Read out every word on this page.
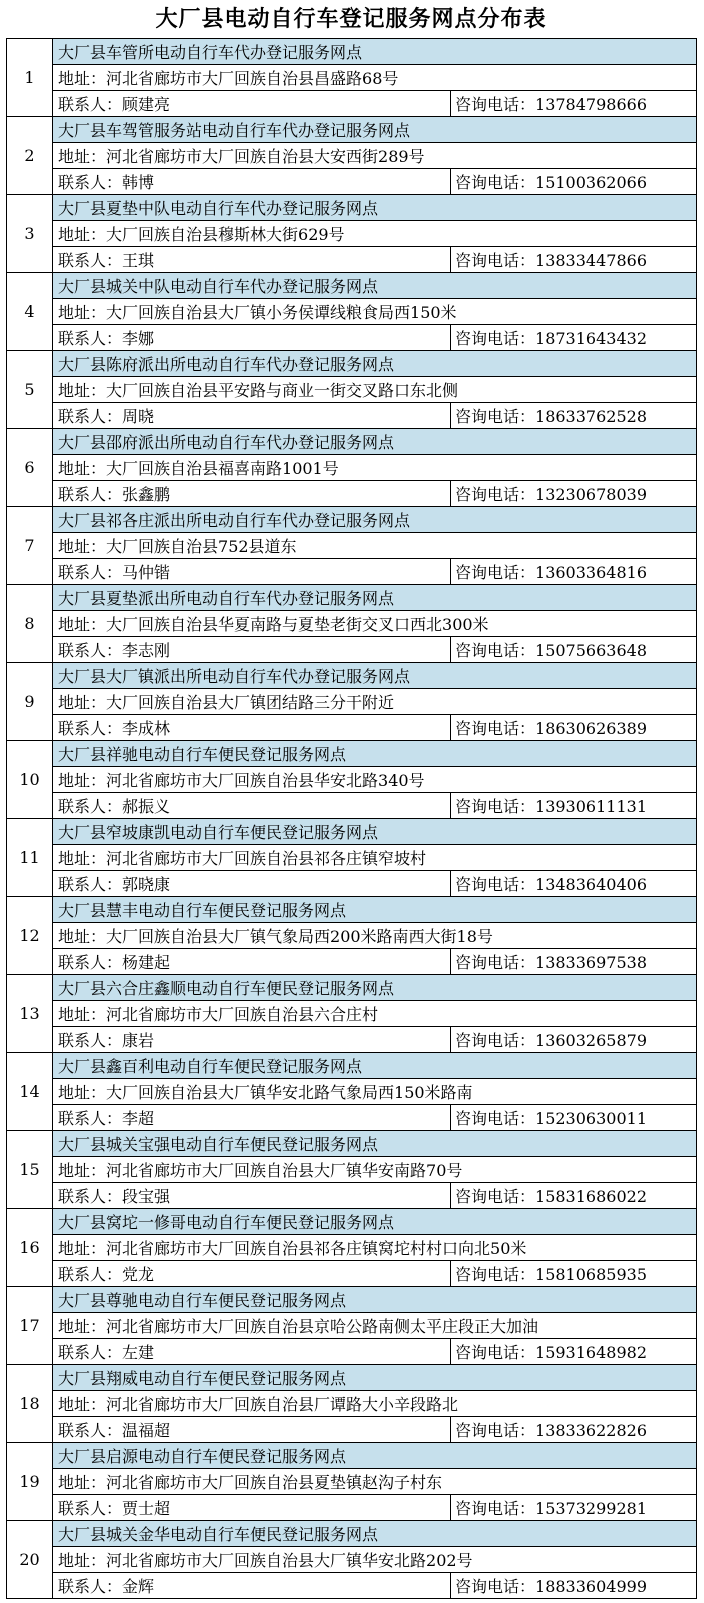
大厂县电动自行车登记服务网点分布表
1	大厂县车管所电动自行车代办登记服务网点	
	地址：河北省廊坊市大厂回族自治县昌盛路68号	
	联系人：顾建亮	咨询电话：13784798666
2	大厂县车驾管服务站电动自行车代办登记服务网点	
	地址：河北省廊坊市大厂回族自治县大安西街289号	
	联系人：韩博	咨询电话：15100362066
3	大厂县夏垫中队电动自行车代办登记服务网点	
	地址：大厂回族自治县穆斯林大街629号	
	联系人：王琪	咨询电话：13833447866
4	大厂县城关中队电动自行车代办登记服务网点	
	地址：大厂回族自治县大厂镇小务侯谭线粮食局西150米	
	联系人：李娜	咨询电话：18731643432
5	大厂县陈府派出所电动自行车代办登记服务网点	
	地址：大厂回族自治县平安路与商业一街交叉路口东北侧	
	联系人：周晓	咨询电话：18633762528
6	大厂县邵府派出所电动自行车代办登记服务网点	
	地址：大厂回族自治县福喜南路1001号	
	联系人：张鑫鹏	咨询电话：13230678039
7	大厂县祁各庄派出所电动自行车代办登记服务网点	
	地址：大厂回族自治县752县道东	
	联系人：马仲锴	咨询电话：13603364816
8	大厂县夏垫派出所电动自行车代办登记服务网点	
	地址：大厂回族自治县华夏南路与夏垫老街交叉口西北300米	
	联系人：李志刚	咨询电话：15075663648
9	大厂县大厂镇派出所电动自行车代办登记服务网点	
	地址：大厂回族自治县大厂镇团结路三分干附近	
	联系人：李成林	咨询电话：18630626389
10	大厂县祥驰电动自行车便民登记服务网点	
	地址：河北省廊坊市大厂回族自治县华安北路340号	
	联系人：郝振义	咨询电话：13930611131
11	大厂县窄坡康凯电动自行车便民登记服务网点	
	地址：河北省廊坊市大厂回族自治县祁各庄镇窄坡村	
	联系人：郭晓康	咨询电话：13483640406
12	大厂县慧丰电动自行车便民登记服务网点	
	地址：大厂回族自治县大厂镇气象局西200米路南西大街18号	
	联系人：杨建起	咨询电话：13833697538
13	大厂县六合庄鑫顺电动自行车便民登记服务网点	
	地址：河北省廊坊市大厂回族自治县六合庄村	
	联系人：康岩	咨询电话：13603265879
14	大厂县鑫百利电动自行车便民登记服务网点	
	地址：大厂回族自治县大厂镇华安北路气象局西150米路南	
	联系人：李超	咨询电话：15230630011
15	大厂县城关宝强电动自行车便民登记服务网点	
	地址：河北省廊坊市大厂回族自治县大厂镇华安南路70号	
	联系人：段宝强	咨询电话：15831686022
16	大厂县窝坨一修哥电动自行车便民登记服务网点	
	地址：河北省廊坊市大厂回族自治县祁各庄镇窝坨村村口向北50米	
	联系人：党龙	咨询电话：15810685935
17	大厂县尊驰电动自行车便民登记服务网点	
	地址：河北省廊坊市大厂回族自治县京哈公路南侧太平庄段正大加油	
	联系人：左建	咨询电话：15931648982
18	大厂县翔威电动自行车便民登记服务网点	
	地址：河北省廊坊市大厂回族自治县厂谭路大小辛段路北	
	联系人：温福超	咨询电话：13833622826
19	大厂县启源电动自行车便民登记服务网点	
	地址：河北省廊坊市大厂回族自治县夏垫镇赵沟子村东	
	联系人：贾士超	咨询电话：15373299281
20	大厂县城关金华电动自行车便民登记服务网点	
	地址：河北省廊坊市大厂回族自治县大厂镇华安北路202号	
	联系人：金辉	咨询电话：18833604999
